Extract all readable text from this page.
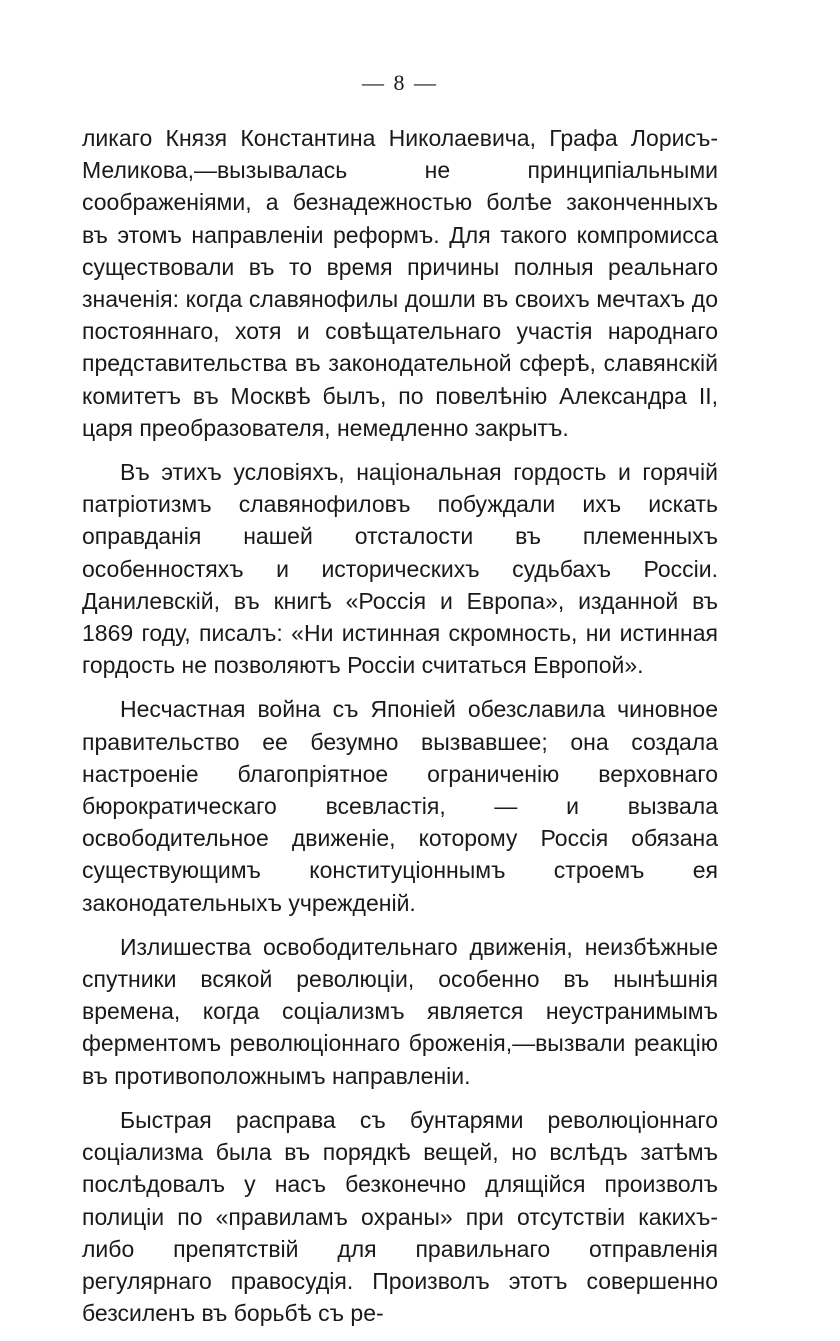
— 8 —

ликаго Князя Константина Николаевича, Графа Лорисъ-Меликова,—вызывалась не принципіальными соображеніями, а безнадежностью болѣе законченныхъ въ этомъ направленіи реформъ. Для такого компромисса существовали въ то время причины полныя реальнаго значенія: когда славянофилы дошли въ своихъ мечтахъ до постояннаго, хотя и совѣщательнаго участія народнаго представительства въ законодательной сферѣ, славянскій комитетъ въ Москвѣ былъ, по повелѣнію Александра II, царя преобразователя, немедленно закрытъ.

Въ этихъ условіяхъ, національная гордость и горячій патріотизмъ славянофиловъ побуждали ихъ искать оправданія нашей отсталости въ племенныхъ особенностяхъ и историческихъ судьбахъ Россіи. Данилевскій, въ книгѣ «Россія и Европа», изданной въ 1869 году, писалъ: «Ни истинная скромность, ни истинная гордость не позволяютъ Россіи считаться Европой».

Несчастная война съ Японіей обезславила чиновное правительство ее безумно вызвавшее; она создала настроеніе благопріятное ограниченію верховнаго бюрократическаго всевластія, — и вызвала освободительное движеніе, которому Россія обязана существующимъ конституціоннымъ строемъ ея законодательныхъ учрежденій.

Излишества освободительнаго движенія, неизбѣжные спутники всякой революціи, особенно въ нынѣшнія времена, когда соціализмъ является неустранимымъ ферментомъ революціоннаго броженія,—вызвали реакцію въ противоположнымъ направленіи.

Быстрая расправа съ бунтарями революціоннаго соціализма была въ порядкѣ вещей, но вслѣдъ затѣмъ послѣдовалъ у насъ безконечно длящійся произволъ полиціи по «правиламъ охраны» при отсутствіи какихъ-либо препятствій для правильнаго отправленія регулярнаго правосудія. Произволъ этотъ совершенно безсиленъ въ борьбѣ съ ре-
